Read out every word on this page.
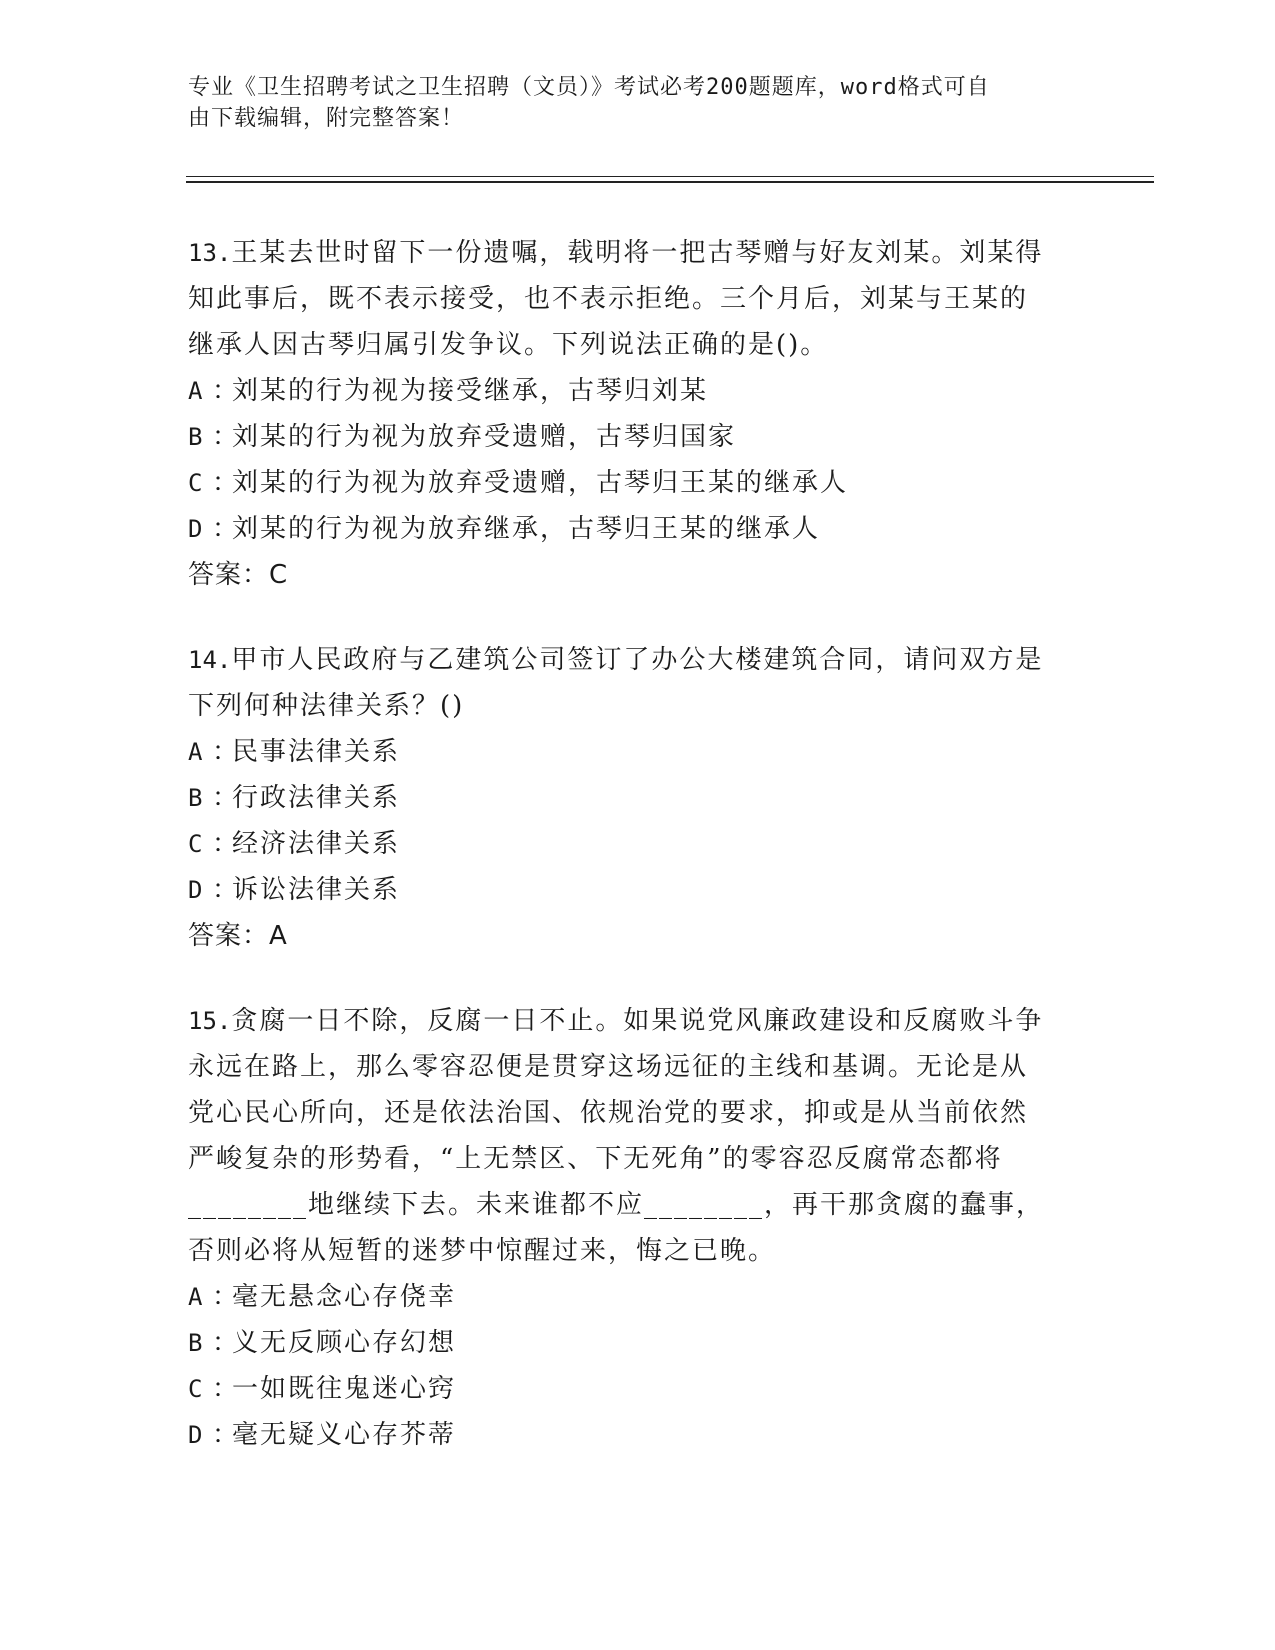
专业《卫生招聘考试之卫生招聘（文员）》考试必考200题题库，word格式可自
由下载编辑，附完整答案！
13.王某去世时留下一份遗嘱，载明将一把古琴赠与好友刘某。刘某得
知此事后，既不表示接受，也不表示拒绝。三个月后，刘某与王某的
继承人因古琴归属引发争议。下列说法正确的是()。
A ：刘某的行为视为接受继承，古琴归刘某
B ：刘某的行为视为放弃受遗赠，古琴归国家
C ：刘某的行为视为放弃受遗赠，古琴归王某的继承人
D ：刘某的行为视为放弃继承，古琴归王某的继承人
答案：C
14.甲市人民政府与乙建筑公司签订了办公大楼建筑合同，请问双方是
下列何种法律关系？()
A ：民事法律关系
B ：行政法律关系
C ：经济法律关系
D ：诉讼法律关系
答案：A
15.贪腐一日不除，反腐一日不止。如果说党风廉政建设和反腐败斗争
永远在路上，那么零容忍便是贯穿这场远征的主线和基调。无论是从
党心民心所向，还是依法治国、依规治党的要求，抑或是从当前依然
严峻复杂的形势看，“上无禁区、下无死角”的零容忍反腐常态都将
________地继续下去。未来谁都不应________，再干那贪腐的蠢事，
否则必将从短暂的迷梦中惊醒过来，悔之已晚。
A ：毫无悬念心存侥幸
B ：义无反顾心存幻想
C ：一如既往鬼迷心窍
D ：毫无疑义心存芥蒂
